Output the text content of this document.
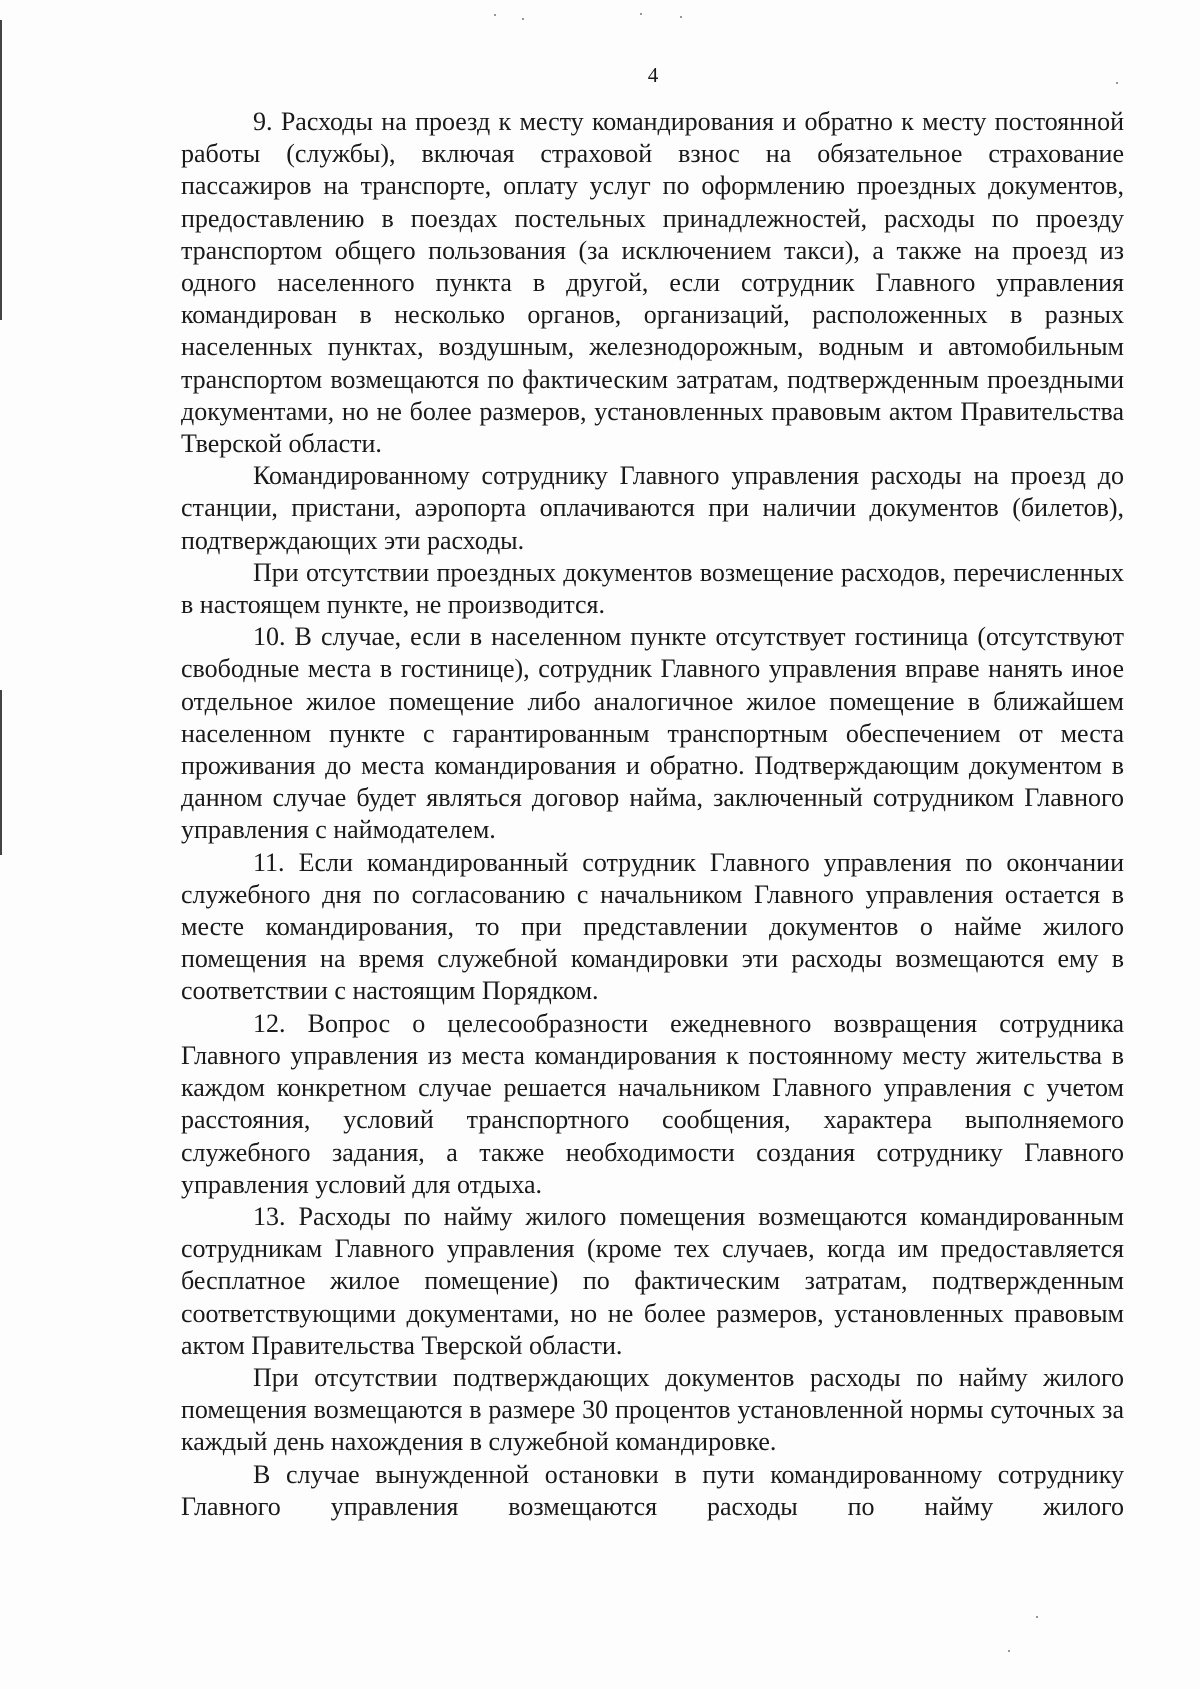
4

9. Расходы на проезд к месту командирования и обратно к месту постоянной работы (службы), включая страховой взнос на обязательное страхование пассажиров на транспорте, оплату услуг по оформлению проездных документов, предоставлению в поездах постельных принадлежностей, расходы по проезду транспортом общего пользования (за исключением такси), а также на проезд из одного населенного пункта в другой, если сотрудник Главного управления командирован в несколько органов, организаций, расположенных в разных населенных пунктах, воздушным, железнодорожным, водным и автомобильным транспортом возмещаются по фактическим затратам, подтвержденным проездными документами, но не более размеров, установленных правовым актом Правительства Тверской области.

Командированному сотруднику Главного управления расходы на проезд до станции, пристани, аэропорта оплачиваются при наличии документов (билетов), подтверждающих эти расходы.

При отсутствии проездных документов возмещение расходов, перечисленных в настоящем пункте, не производится.

10. В случае, если в населенном пункте отсутствует гостиница (отсутствуют свободные места в гостинице), сотрудник Главного управления вправе нанять иное отдельное жилое помещение либо аналогичное жилое помещение в ближайшем населенном пункте с гарантированным транспортным обеспечением от места проживания до места командирования и обратно. Подтверждающим документом в данном случае будет являться договор найма, заключенный сотрудником Главного управления с наймодателем.

11. Если командированный сотрудник Главного управления по окончании служебного дня по согласованию с начальником Главного управления остается в месте командирования, то при представлении документов о найме жилого помещения на время служебной командировки эти расходы возмещаются ему в соответствии с настоящим Порядком.

12. Вопрос о целесообразности ежедневного возвращения сотрудника Главного управления из места командирования к постоянному месту жительства в каждом конкретном случае решается начальником Главного управления с учетом расстояния, условий транспортного сообщения, характера выполняемого служебного задания, а также необходимости создания сотруднику Главного управления условий для отдыха.

13. Расходы по найму жилого помещения возмещаются командированным сотрудникам Главного управления (кроме тех случаев, когда им предоставляется бесплатное жилое помещение) по фактическим затратам, подтвержденным соответствующими документами, но не более размеров, установленных правовым актом Правительства Тверской области.

При отсутствии подтверждающих документов расходы по найму жилого помещения возмещаются в размере 30 процентов установленной нормы суточных за каждый день нахождения в служебной командировке.

В случае вынужденной остановки в пути командированному сотруднику Главного управления возмещаются расходы по найму жилого
